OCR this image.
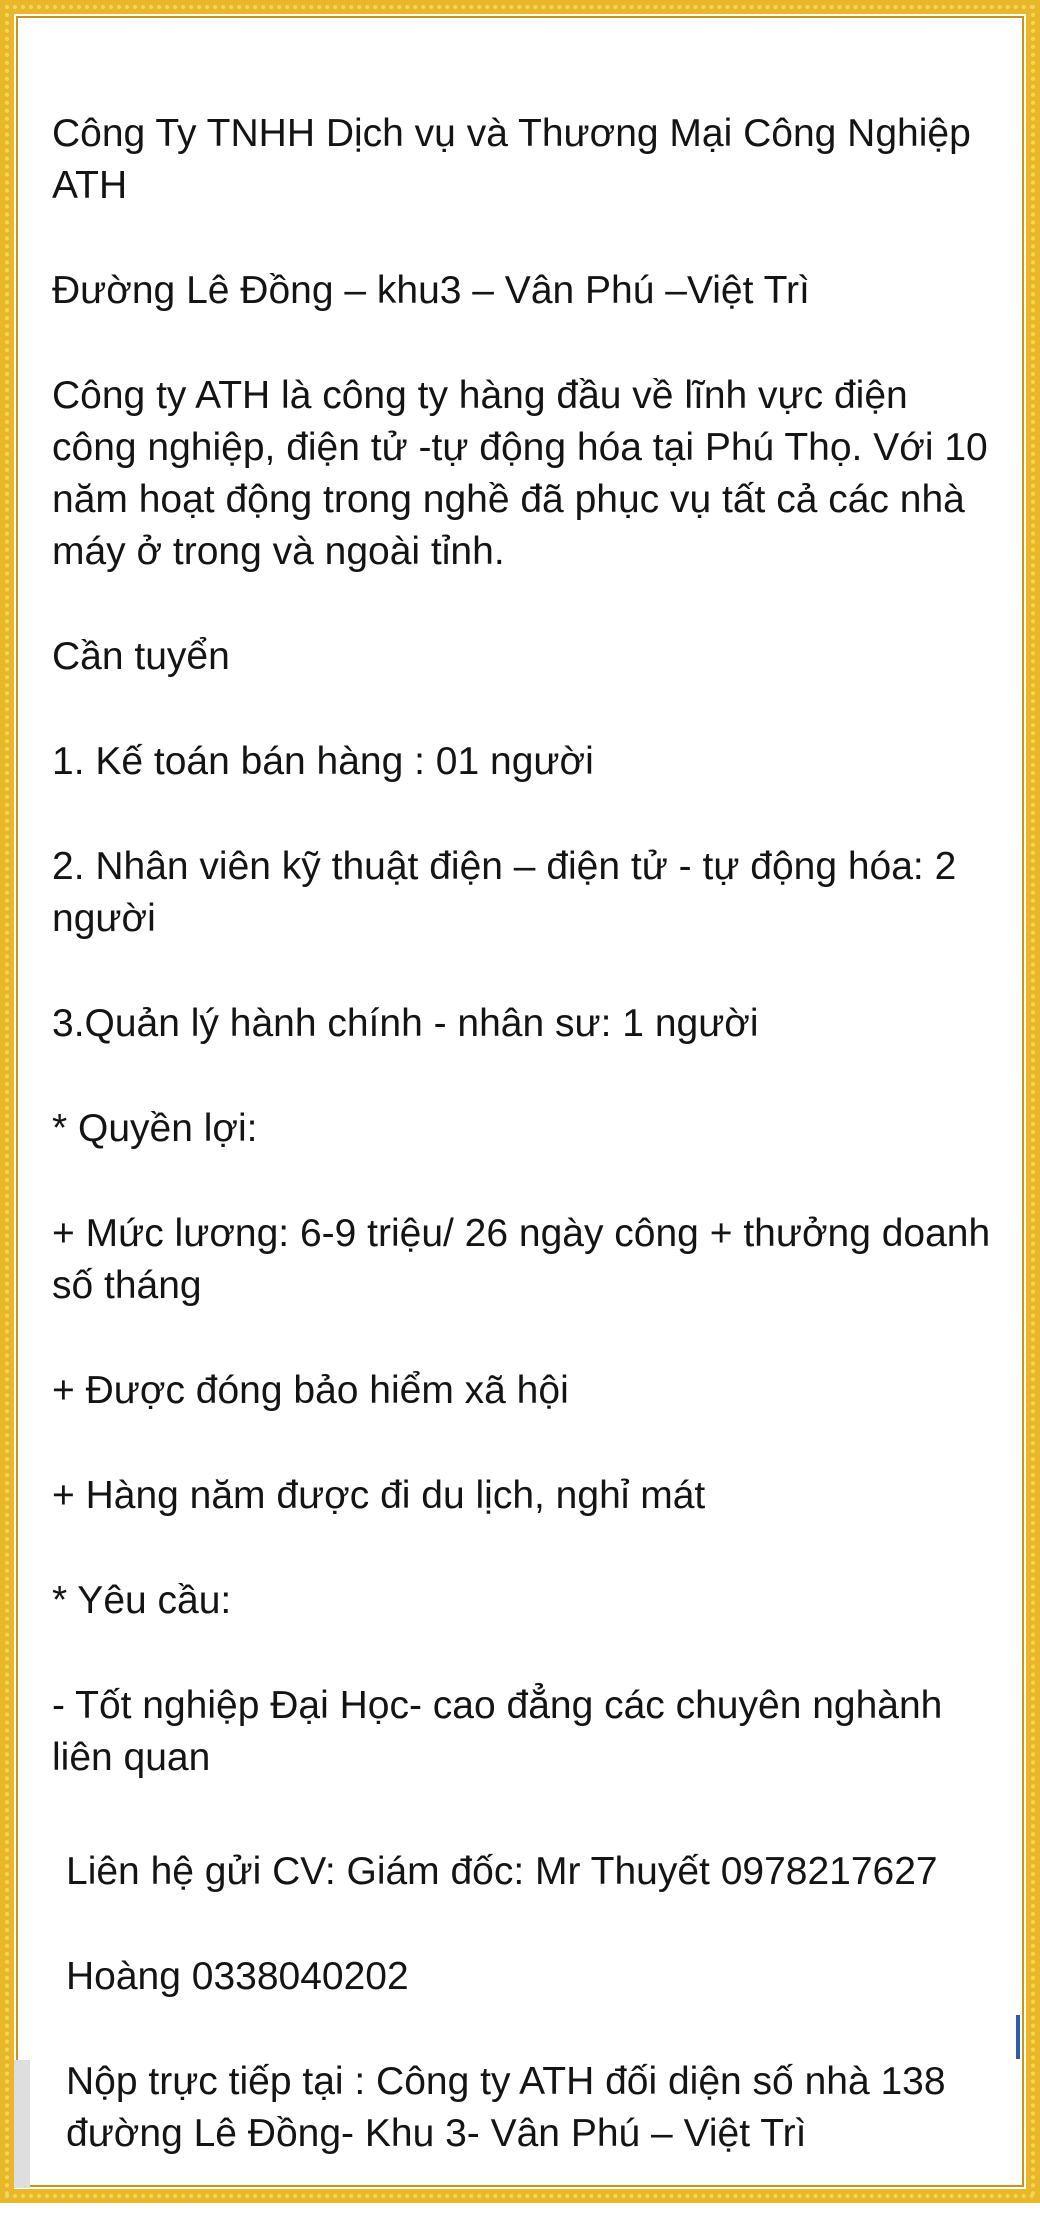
Công Ty TNHH Dịch vụ và Thương Mại Công Nghiệp ATH

Đường Lê Đồng – khu3 – Vân Phú –Việt Trì

Công ty ATH là công ty hàng đầu về lĩnh vực điện công nghiệp, điện tử -tự động hóa tại Phú Thọ. Với 10 năm hoạt động trong nghề đã phục vụ tất cả các nhà máy ở trong và ngoài tỉnh.

Cần tuyển

1. Kế toán bán hàng : 01 người

2. Nhân viên kỹ thuật điện – điện tử - tự động hóa: 2 người

3.Quản lý hành chính - nhân sư: 1 người

* Quyền lợi:

+ Mức lương: 6-9 triệu/ 26 ngày công + thưởng doanh số tháng

+ Được đóng bảo hiểm xã hội

+ Hàng năm được đi du lịch, nghỉ mát

* Yêu cầu:

- Tốt nghiệp Đại Học- cao đẳng các chuyên nghành liên quan

Liên hệ gửi CV: Giám đốc: Mr Thuyết 0978217627

Hoàng 0338040202

Nộp trực tiếp tại : Công ty ATH đối diện số nhà 138 đường Lê Đồng- Khu 3- Vân Phú – Việt Trì
